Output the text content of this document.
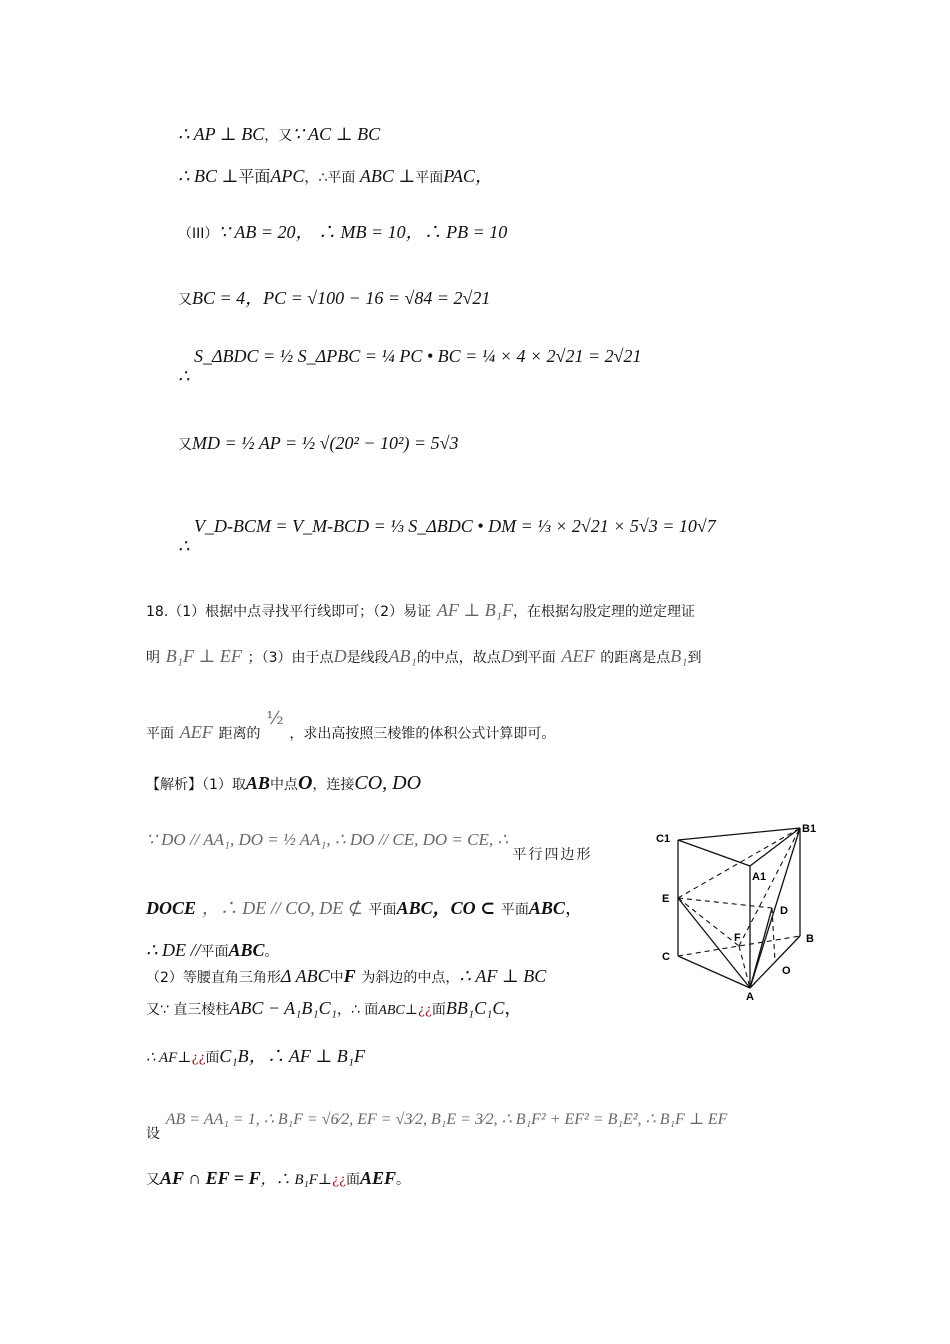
∴ AP ⊥ BC，又∵ AC ⊥ BC
∴ BC ⊥平面APC，∴平面 ABC ⊥平面PAC，
（III）∵ AB = 20， ∴ MB = 10，∴ PB = 10
又BC = 4，PC = √100 − 16 = √84 = 2√21
∴ S_ΔBDC = ½ S_ΔPBC = ¼ PC • BC = ¼ × 4 × 2√21 = 2√21
又MD = ½ AP = ½ √(20² − 10²) = 5√3
∴ V_D-BCM = V_M-BCD = ⅓ S_ΔBDC • DM = ⅓ × 2√21 × 5√3 = 10√7
18.（1）根据中点寻找平行线即可；（2）易证 AF ⊥ B₁F，在根据勾股定理的逆定理证
明 B₁F ⊥ EF ；（3）由于点D是线段AB₁的中点，故点D到平面 AEF 的距离是点B₁到
平面 AEF 距离的 ½ ，求出高按照三棱锥的体积公式计算即可。
【解析】（1）取AB中点O，连接CO, DO
∵ DO // AA₁, DO = ½ AA₁, ∴ DO // CE, DO = CE, ∴ $_{平行四边形}$
DOCE ，∴ DE // CO, DE ⊄ 平面ABC，CO ⊂ 平面ABC，
∴ DE //平面ABC。
（2）等腰直角三角形Δ ABC中F 为斜边的中点，∴ AF ⊥ BC
又∵ 直三棱柱ABC − A₁B₁C₁，∴ 面ABC⊥¿¿面BB₁C₁C，
∴ AF⊥¿¿面C₁B，∴ AF ⊥ B₁F
$_设$ AB = AA₁ = 1, ∴ B₁F = √6⁄2, EF = √3⁄2, B₁E = 3⁄2, ∴ B₁F² + EF² = B₁E², ∴ B₁F ⊥ EF
又AF ∩ EF = F，∴ B₁F⊥¿¿面AEF。
C1
B1
A1
E
D
F	B
C
O
A
